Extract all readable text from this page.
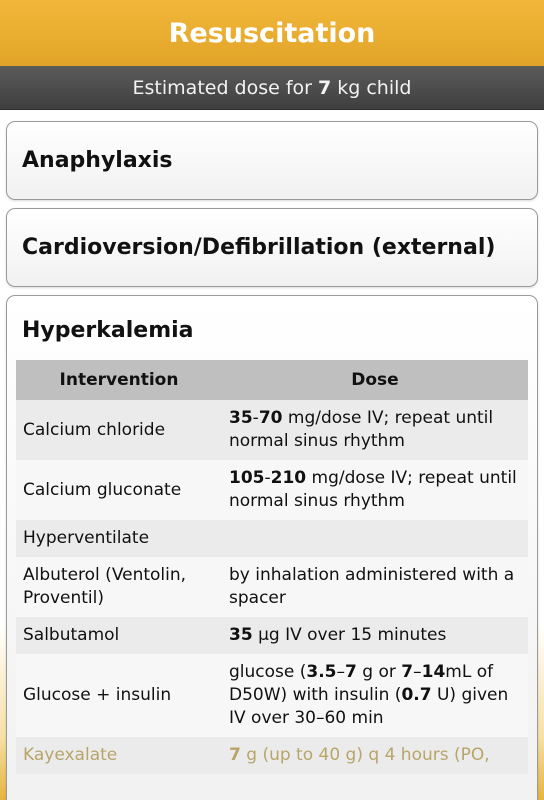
Resuscitation
Estimated dose for 7 kg child
Anaphylaxis
Cardioversion/Defibrillation (external)
Hyperkalemia
Intervention	Dose
Calcium chloride	35-70 mg/dose IV; repeat until normal sinus rhythm
Calcium gluconate	105-210 mg/dose IV; repeat until normal sinus rhythm
Hyperventilate	
Albuterol (Ventolin, Proventil)	by inhalation administered with a spacer
Salbutamol	35 µg IV over 15 minutes
Glucose + insulin	glucose (3.5–7 g or 7–14mL of D50W) with insulin (0.7 U) given IV over 30–60 min
Kayexalate	7 g (up to 40 g) q 4 hours (PO,
